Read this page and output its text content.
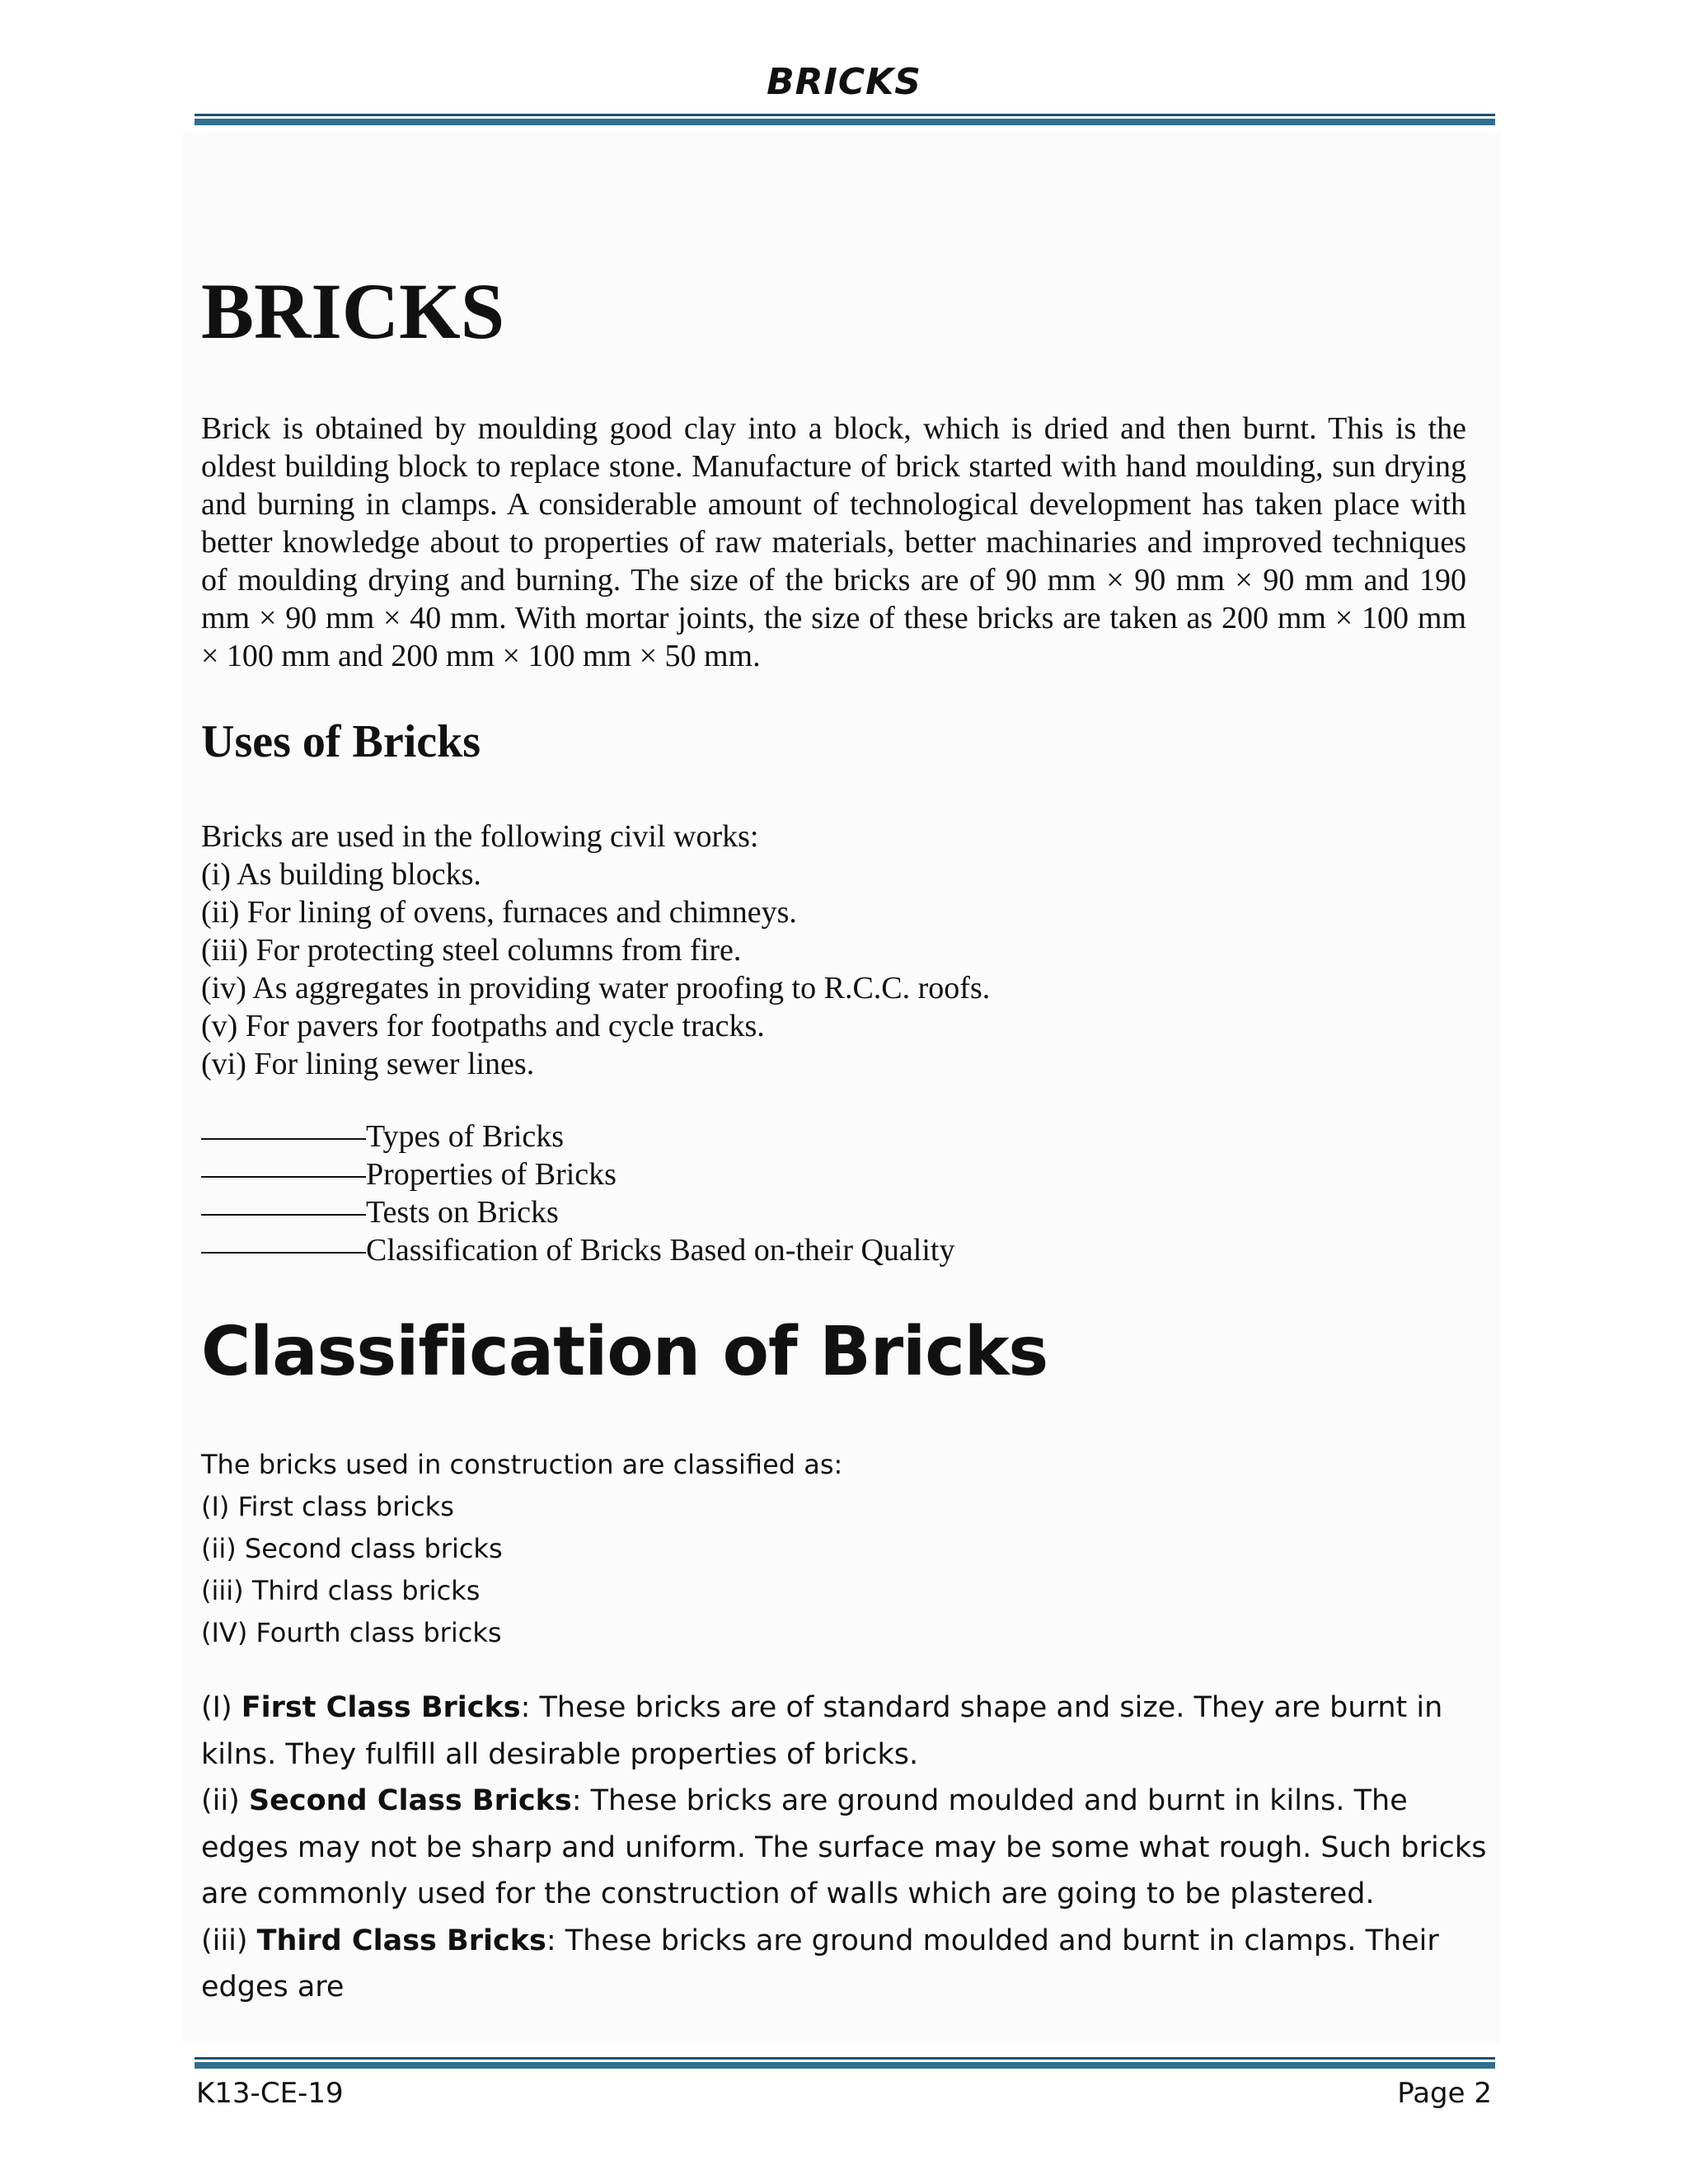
BRICKS
BRICKS

Brick is obtained by moulding good clay into a block, which is dried and then burnt. This is the oldest building block to replace stone. Manufacture of brick started with hand moulding, sun drying and burning in clamps. A considerable amount of technological development has taken place with better knowledge about to properties of raw materials, better machinaries and improved techniques of moulding drying and burning. The size of the bricks are of 90 mm × 90 mm × 90 mm and 190 mm × 90 mm × 40 mm. With mortar joints, the size of these bricks are taken as 200 mm × 100 mm × 100 mm and 200 mm × 100 mm × 50 mm.

Uses of Bricks
Bricks are used in the following civil works:
(i) As building blocks.
(ii) For lining of ovens, furnaces and chimneys.
(iii) For protecting steel columns from fire.
(iv) As aggregates in providing water proofing to R.C.C. roofs.
(v) For pavers for footpaths and cycle tracks.
(vi) For lining sewer lines.
Types of Bricks
Properties of Bricks
Tests on Bricks
Classification of Bricks Based on-their Quality
Classification of Bricks
The bricks used in construction are classified as:
(I) First class bricks
(ii) Second class bricks
(iii) Third class bricks
(IV) Fourth class bricks
(I) First Class Bricks: These bricks are of standard shape and size. They are burnt in kilns. They fulfill all desirable properties of bricks.
(ii) Second Class Bricks: These bricks are ground moulded and burnt in kilns. The edges may not be sharp and uniform. The surface may be some what rough. Such bricks are commonly used for the construction of walls which are going to be plastered.
(iii) Third Class Bricks: These bricks are ground moulded and burnt in clamps. Their edges are
K13-CE-19	Page 2
